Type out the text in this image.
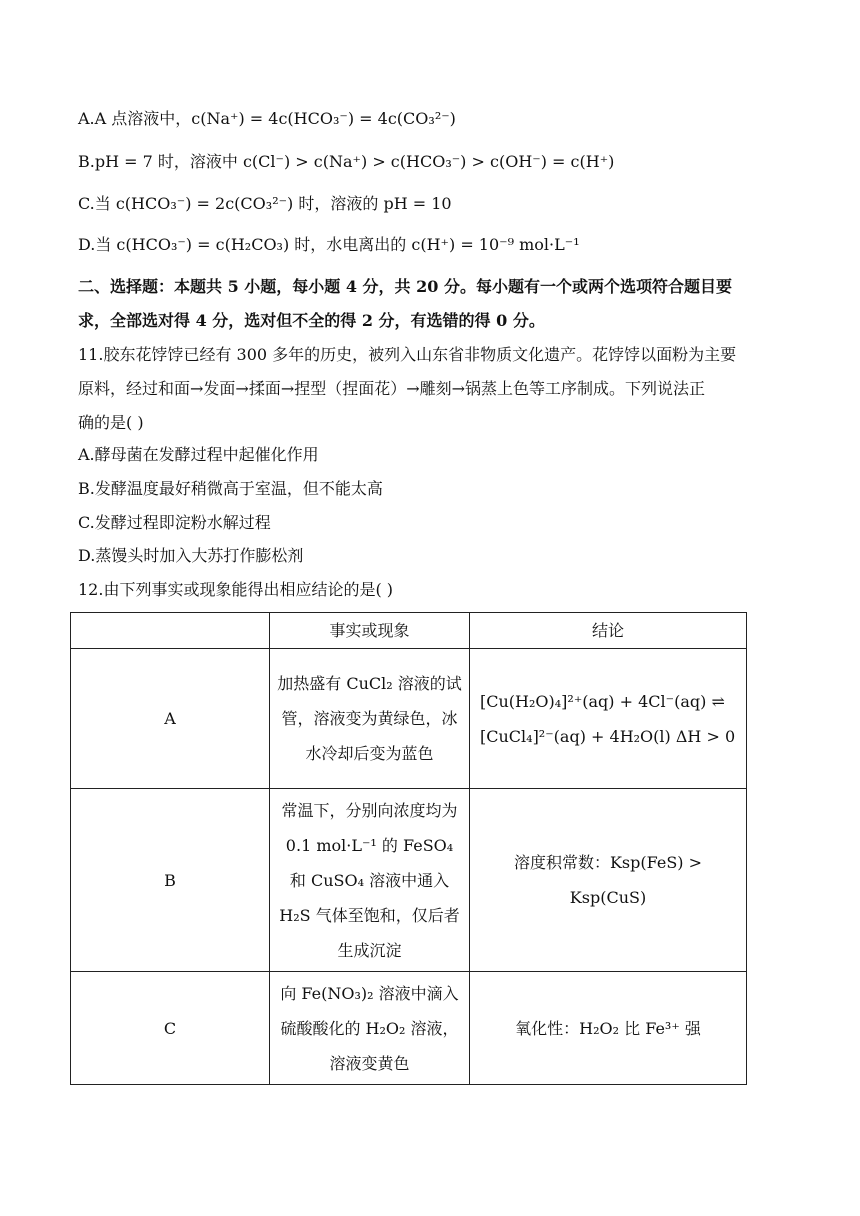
A.A 点溶液中，c(Na⁺) = 4c(HCO₃⁻) = 4c(CO₃²⁻)
B.pH = 7 时，溶液中 c(Cl⁻) > c(Na⁺) > c(HCO₃⁻) > c(OH⁻) = c(H⁺)
C.当 c(HCO₃⁻) = 2c(CO₃²⁻) 时，溶液的 pH = 10
D.当 c(HCO₃⁻) = c(H₂CO₃) 时，水电离出的 c(H⁺) = 10⁻⁹ mol·L⁻¹
二、选择题：本题共 5 小题，每小题 4 分，共 20 分。每小题有一个或两个选项符合题目要
求，全部选对得 4 分，选对但不全的得 2 分，有选错的得 0 分。
11.胶东花饽饽已经有 300 多年的历史，被列入山东省非物质文化遗产。花饽饽以面粉为主要
原料，经过和面→发面→揉面→捏型（捏面花）→雕刻→锅蒸上色等工序制成。下列说法正
确的是( )
A.酵母菌在发酵过程中起催化作用
B.发酵温度最好稍微高于室温，但不能太高
C.发酵过程即淀粉水解过程
D.蒸馒头时加入大苏打作膨松剂
12.由下列事实或现象能得出相应结论的是( )
	事实或现象	结论
A	加热盛有 CuCl₂ 溶液的试管，溶液变为黄绿色，冰水冷却后变为蓝色	[Cu(H₂O)₄]²⁺(aq) + 4Cl⁻(aq) ⇌
[CuCl₄]²⁻(aq) + 4H₂O(l) ΔH > 0

B	常温下，分别向浓度均为 0.1 mol·L⁻¹ 的 FeSO₄ 和 CuSO₄ 溶液中通入 H₂S 气体至饱和，仅后者生成沉淀	溶度积常数：Ksp(FeS) > Ksp(CuS)

C	向 Fe(NO₃)₂ 溶液中滴入硫酸酸化的 H₂O₂ 溶液，溶液变黄色	氧化性：H₂O₂ 比 Fe³⁺ 强
